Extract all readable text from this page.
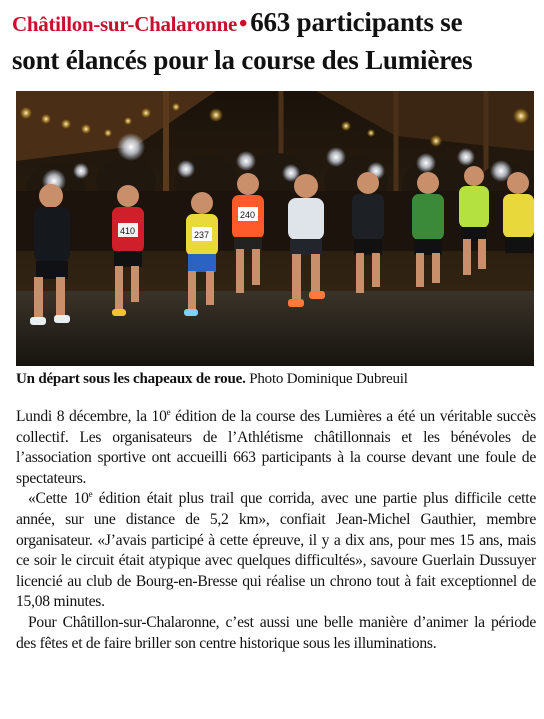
Châtillon-sur-Chalaronne• 663 participants se
sont élancés pour la course des Lumières
410	237
240
Un départ sous les chapeaux de roue. Photo Dominique Dubreuil

Lundi 8 décembre, la 10e édition de la course des Lumières a été un véritable succès collectif. Les organisateurs de l’Athlétisme châtillonnais et les bénévoles de l’association sportive ont accueilli 663 participants à la course devant une foule de spectateurs.

«Cette 10e édition était plus trail que corrida, avec une partie plus difficile cette année, sur une distance de 5,2 km», confiait Jean-Michel Gauthier, membre organisateur. «J’avais participé à cette épreuve, il y a dix ans, pour mes 15 ans, mais ce soir le circuit était atypique avec quelques difficultés», savoure Guerlain Dussuyer licencié au club de Bourg-en-Bresse qui réalise un chrono tout à fait exceptionnel de 15,08 minutes.

Pour Châtillon-sur-Chalaronne, c’est aussi une belle manière d’animer la période des fêtes et de faire briller son centre historique sous les illuminations.
